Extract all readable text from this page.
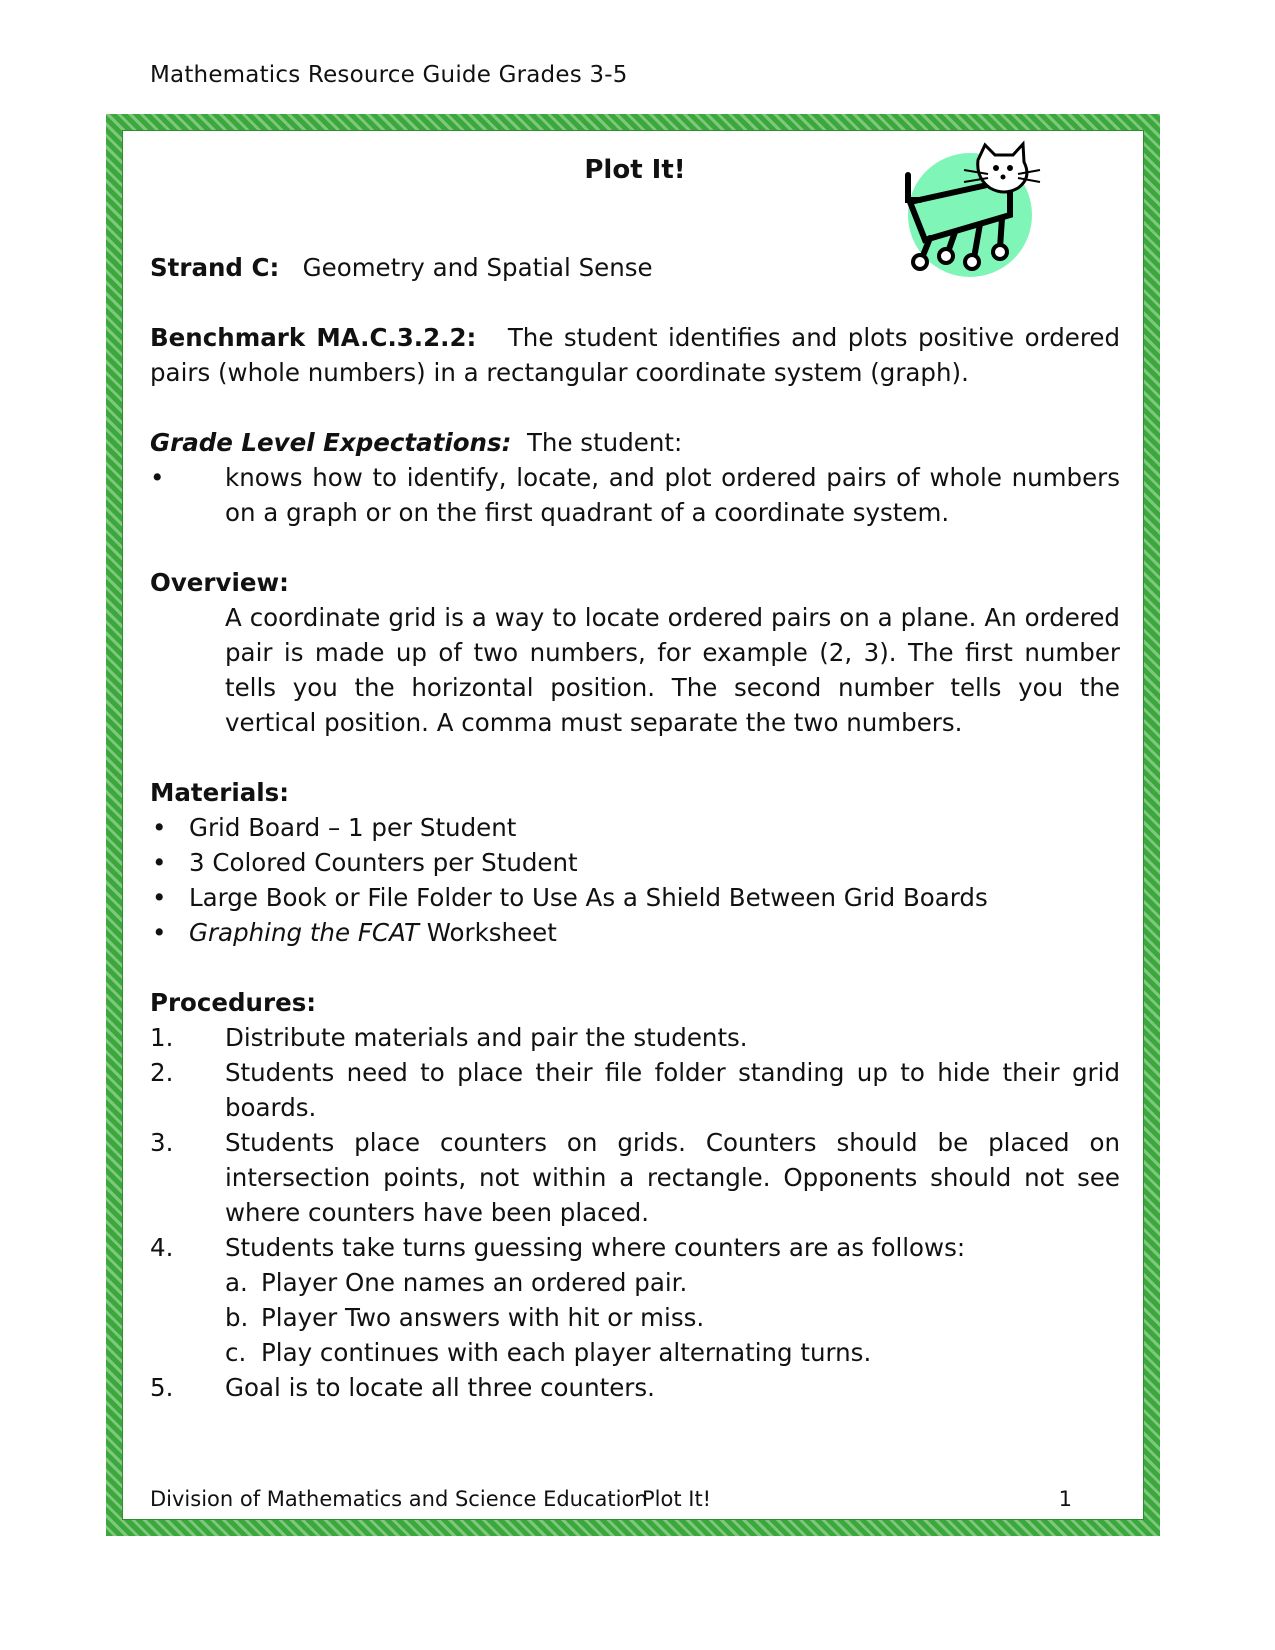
Mathematics Resource Guide Grades 3-5
Plot It!

Strand C: Geometry and Spatial Sense

Benchmark MA.C.3.2.2: The student identifies and plots positive ordered pairs (whole numbers) in a rectangular coordinate system (graph).

Grade Level Expectations: The student:

•	knows how to identify, locate, and plot ordered pairs of whole numbers on a graph or on the first quadrant of a coordinate system.

Overview:

A coordinate grid is a way to locate ordered pairs on a plane. An ordered pair is made up of two numbers, for example (2, 3). The first number tells you the horizontal position. The second number tells you the vertical position. A comma must separate the two numbers.

Materials:

• Grid Board – 1 per Student
• 3 Colored Counters per Student
• Large Book or File Folder to Use As a Shield Between Grid Boards
• Graphing the FCAT Worksheet

Procedures:

1.	Distribute materials and pair the students.
2.	Students need to place their file folder standing up to hide their grid boards.
3.	Students place counters on grids. Counters should be placed on intersection points, not within a rectangle. Opponents should not see where counters have been placed.
4.	Students take turns guessing where counters are as follows:
a. Player One names an ordered pair.
b. Player Two answers with hit or miss.
c. Play continues with each player alternating turns.
5.	Goal is to locate all three counters.
Division of Mathematics and Science Education
Plot It!	1
